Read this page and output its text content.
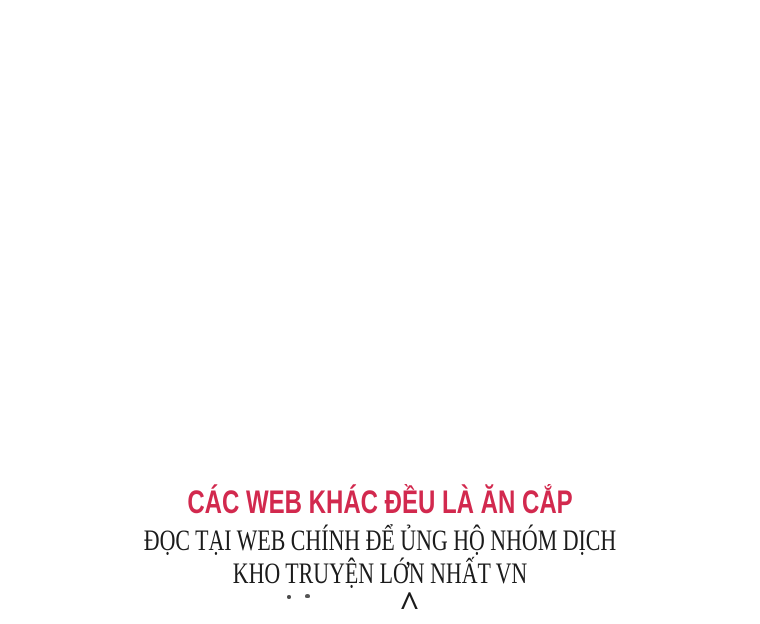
CÁC WEB KHÁC ĐỀU LÀ ĂN CẮP
ĐỌC TẠI WEB CHÍNH ĐỂ ỦNG HỘ NHÓM DỊCH
KHO TRUYỆN LỚN NHẤT VN
^
